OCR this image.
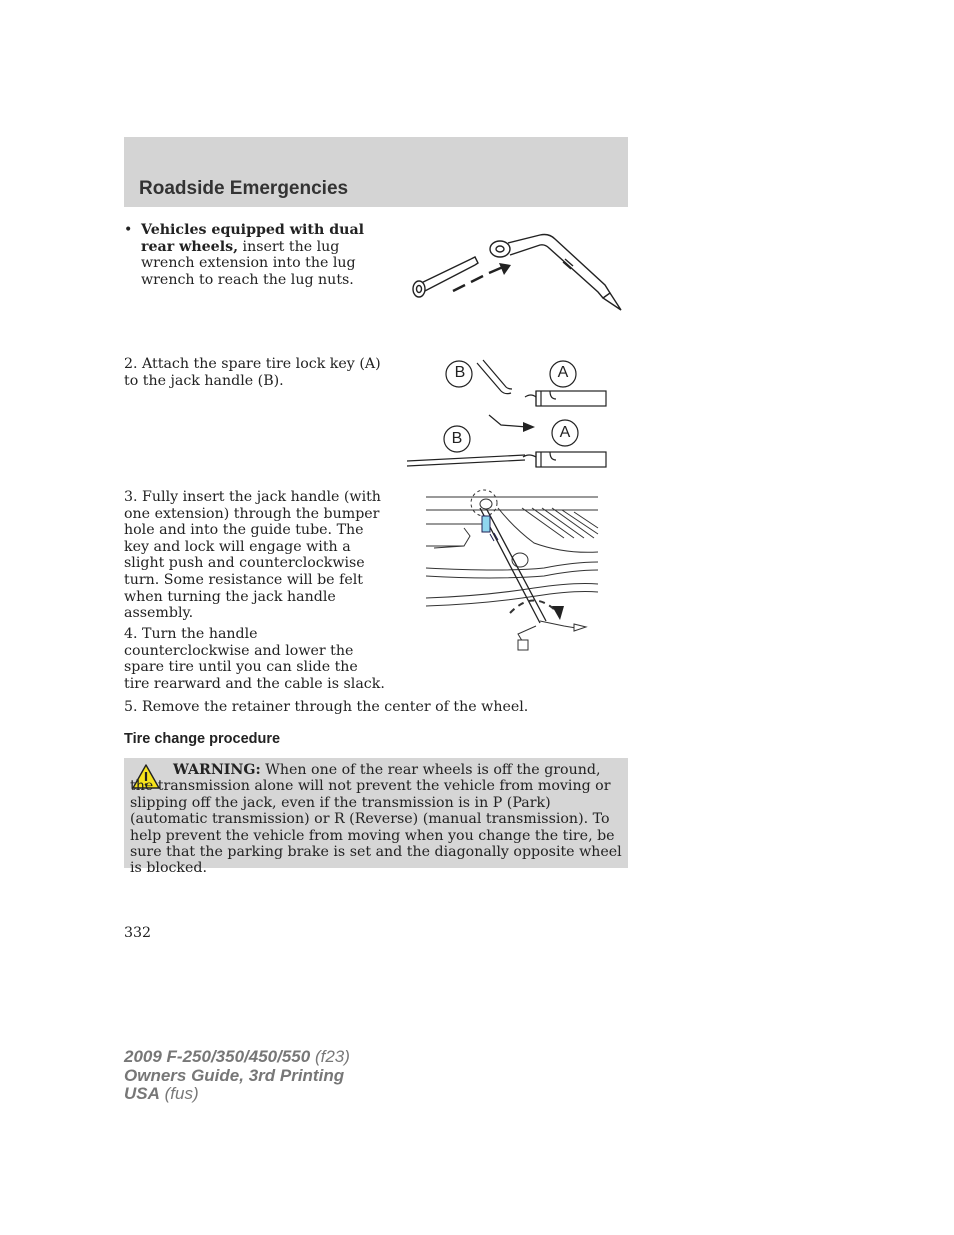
Roadside Emergencies
• Vehicles equipped with dual rear wheels, insert the lug wrench extension into the lug wrench to reach the lug nuts.
2. Attach the spare tire lock key (A) to the jack handle (B).	B	A
A
B
3. Fully insert the jack handle (with one extension) through the bumper hole and into the guide tube. The key and lock will engage with a slight push and counterclockwise turn. Some resistance will be felt when turning the jack handle assembly.
4. Turn the handle counterclockwise and lower the spare tire until you can slide the tire rearward and the cable is slack.
5. Remove the retainer through the center of the wheel.
Tire change procedure
WARNING: When one of the rear wheels is off the ground, the transmission alone will not prevent the vehicle from moving or slipping off the jack, even if the transmission is in P (Park) (automatic transmission) or R (Reverse) (manual transmission). To help prevent the vehicle from moving when you change the tire, be sure that the parking brake is set and the diagonally opposite wheel is blocked.
332
2009 F-250/350/450/550 (f23)
Owners Guide, 3rd Printing
USA (fus)
